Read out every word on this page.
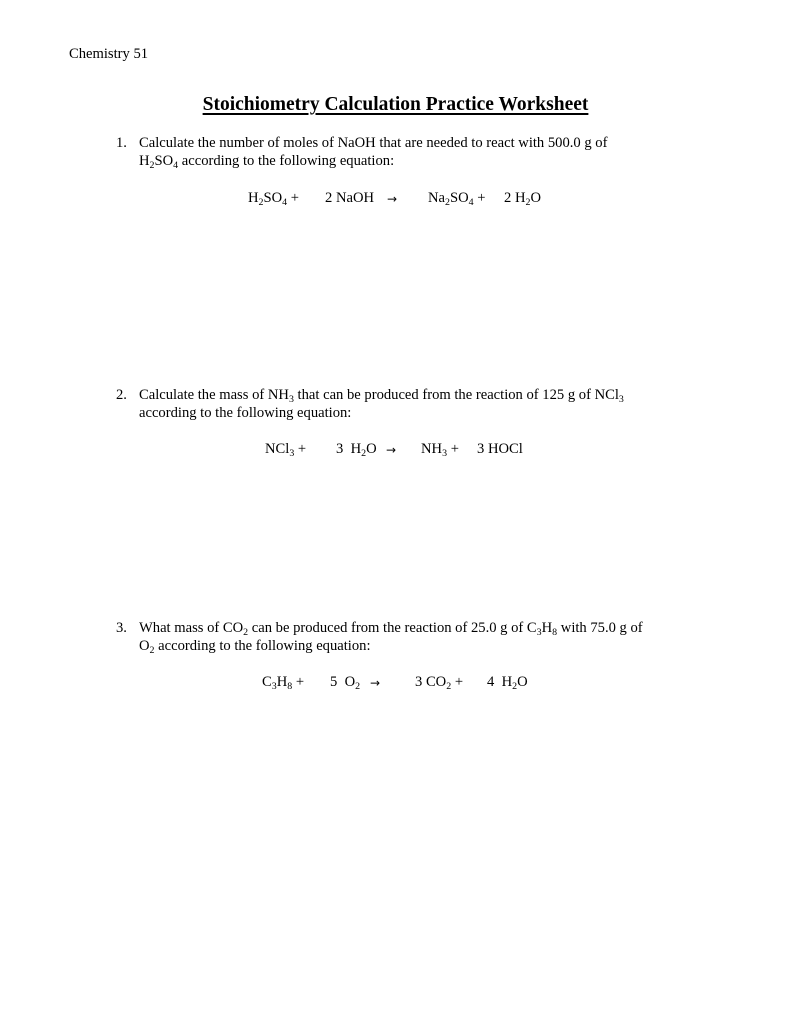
Chemistry 51
Stoichiometry Calculation Practice Worksheet
1. Calculate the number of moles of NaOH that are needed to react with 500.0 g of
$H_2SO_4$ according to the following equation:
$H_2SO_4 + 2$ NaOH → $Na_2SO_4 + 2$ $H_2O$
2. Calculate the mass of $NH_3$ that can be produced from the reaction of 125 g of NCl$_3$
according to the following equation:
NCl$_3$ + 3  $H_2O \to NH_3 + 3$ HOCl
3. What mass of $CO_2$ can be produced from the reaction of 25.0 g of $C_3H_8$ with 75.0 g of
$O_2$ according to the following equation:
$C_3H_8 + 5$  $O_2 \to 3$ $CO_2 + 4$  $H_2O$
